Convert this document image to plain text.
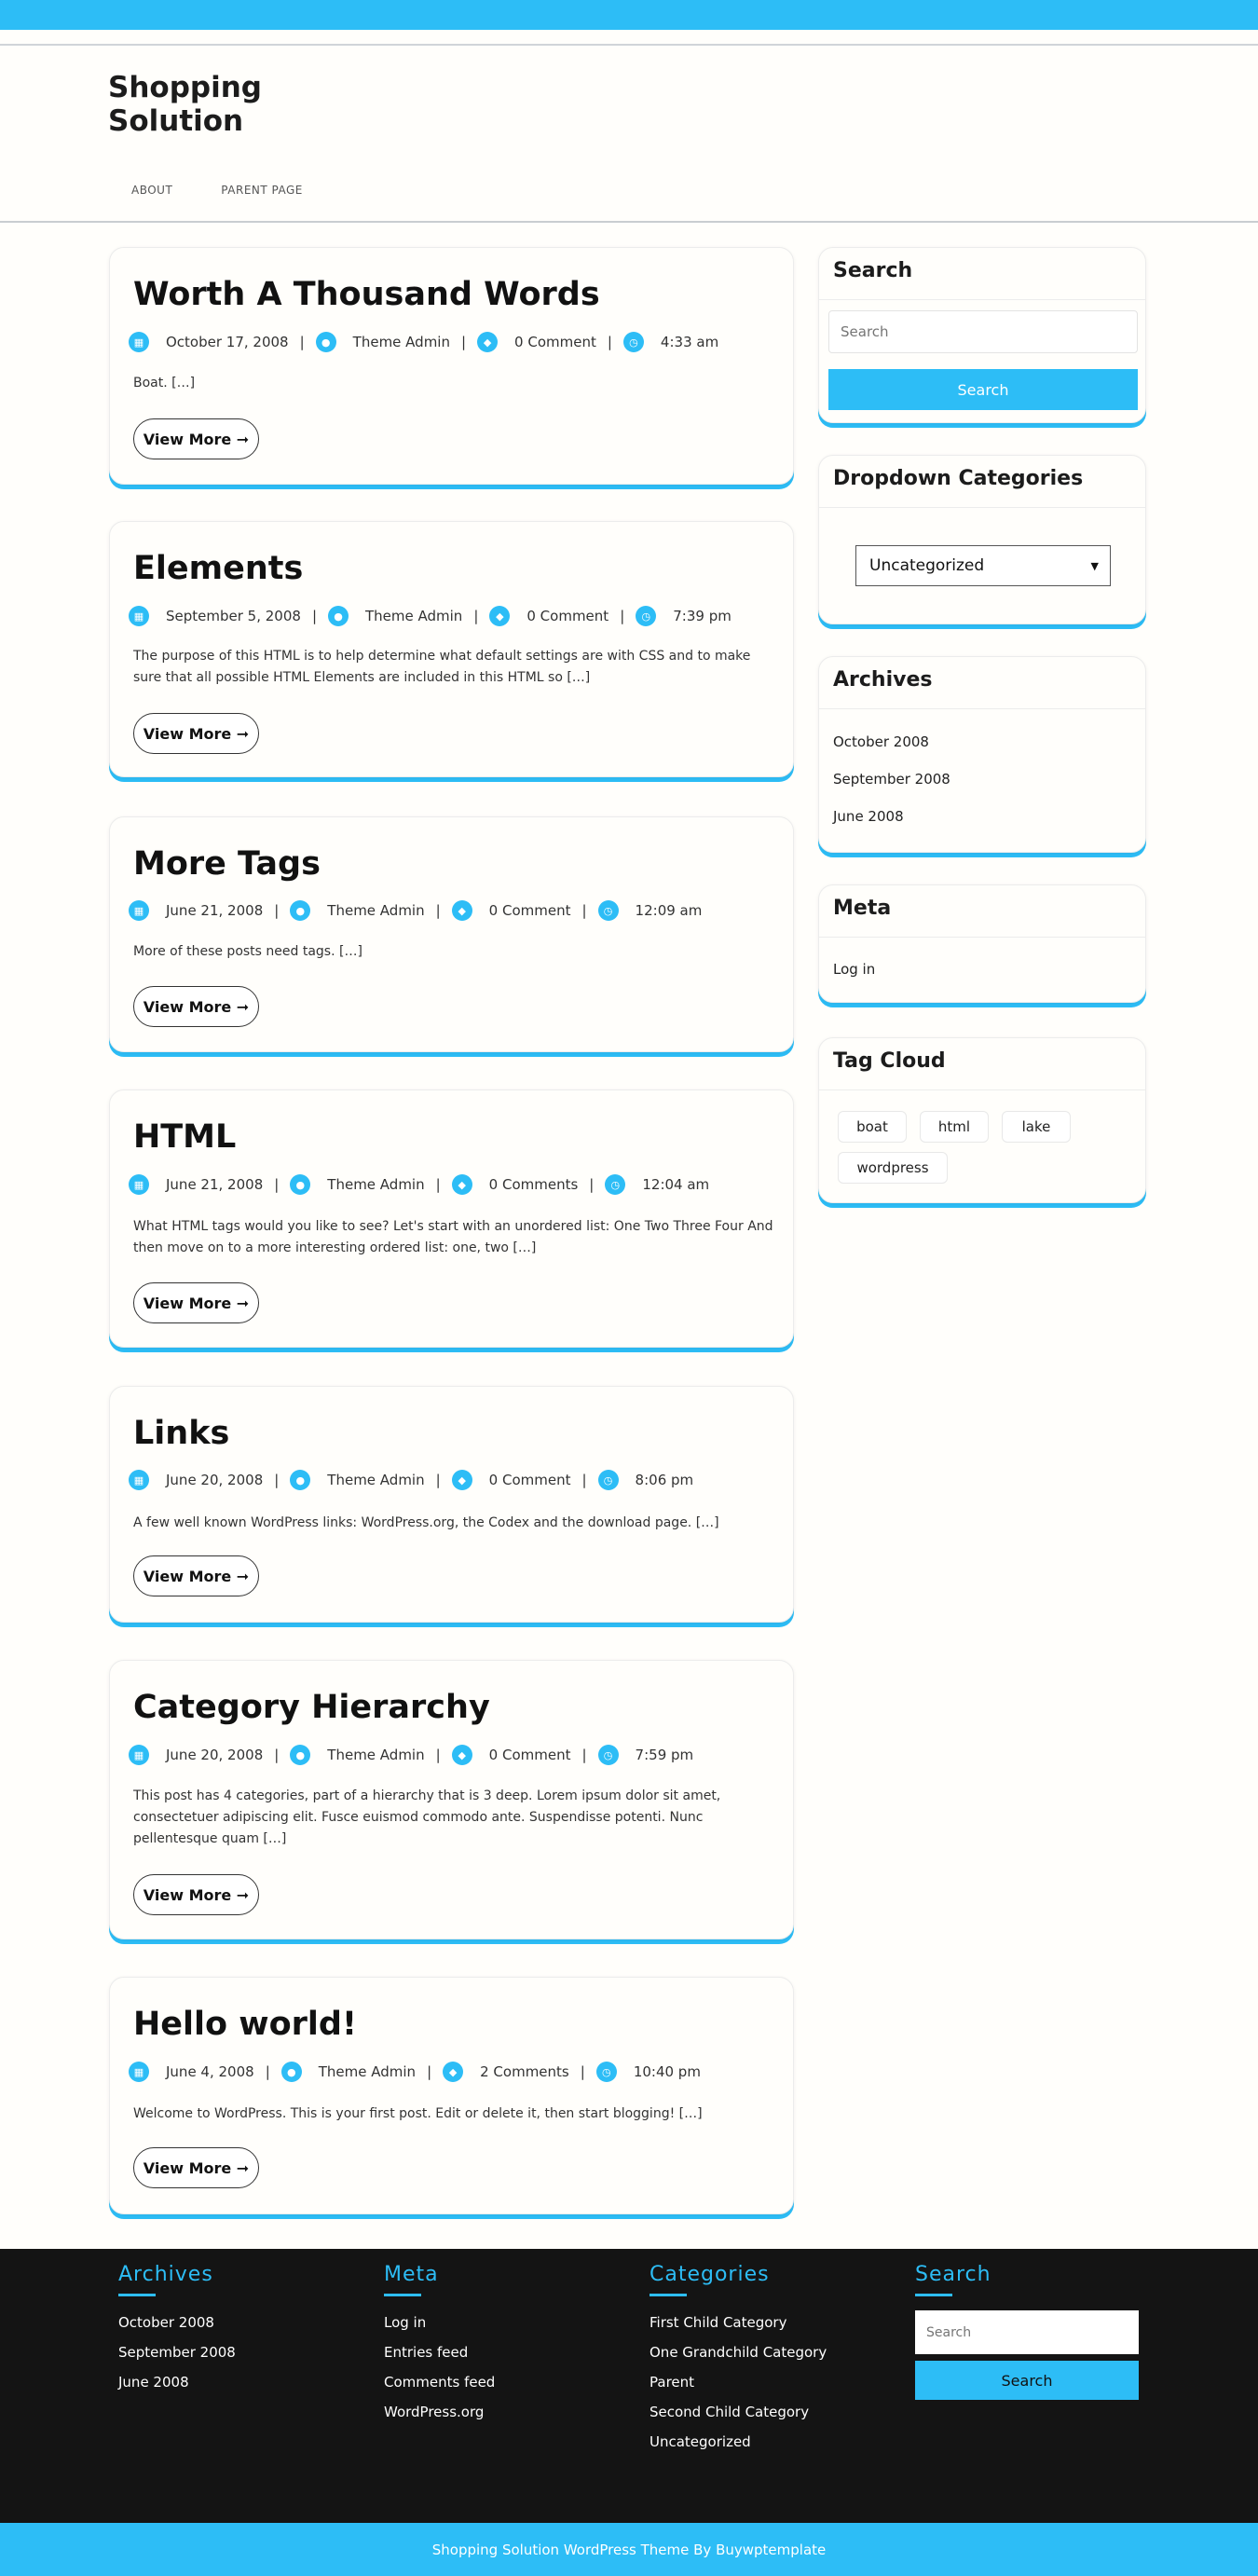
Shopping Solution
ABOUT	PARENT PAGE
Worth A Thousand Words
▦	October 17, 2008 |	●	Theme Admin |	◆	0 Comment |	◷	4:33 am
Boat. […]
View More ➞
Elements
▦	September 5, 2008 |	●	Theme Admin |	◆	0 Comment |	◷	7:39 pm
The purpose of this HTML is to help determine what default settings are with CSS and to make sure that all possible HTML Elements are included in this HTML so […]
View More ➞
More Tags
▦	June 21, 2008 |	●	Theme Admin |	◆	0 Comment |	◷	12:09 am
More of these posts need tags. […]
View More ➞
HTML
▦	June 21, 2008 |	●	Theme Admin |	◆	0 Comments |	◷	12:04 am
What HTML tags would you like to see? Let's start with an unordered list: One Two Three Four And then move on to a more interesting ordered list: one, two […]
View More ➞
Links
▦	June 20, 2008 |	●	Theme Admin |	◆	0 Comment |	◷	8:06 pm
A few well known WordPress links: WordPress.org, the Codex and the download page. […]
View More ➞
Category Hierarchy
▦	June 20, 2008 |	●	Theme Admin |	◆	0 Comment |	◷	7:59 pm
This post has 4 categories, part of a hierarchy that is 3 deep. Lorem ipsum dolor sit amet, consectetuer adipiscing elit. Fusce euismod commodo ante. Suspendisse potenti. Nunc pellentesque quam […]
View More ➞
Hello world!
▦	June 4, 2008 |	●	Theme Admin |	◆	2 Comments |	◷	10:40 pm
Welcome to WordPress. This is your first post. Edit or delete it, then start blogging! […]
View More ➞
Search
Search
Search
Dropdown Categories
Uncategorized	▼
Archives
October 2008
September 2008
June 2008
Meta
Log in
Tag Cloud
boat	html	lake
wordpress
Archives
October 2008
September 2008
June 2008
Meta
Log in
Entries feed
Comments feed
WordPress.org
Categories
First Child Category
One Grandchild Category
Parent
Second Child Category
Uncategorized
Search
Search
Search
Shopping Solution WordPress Theme By Buywptemplate
